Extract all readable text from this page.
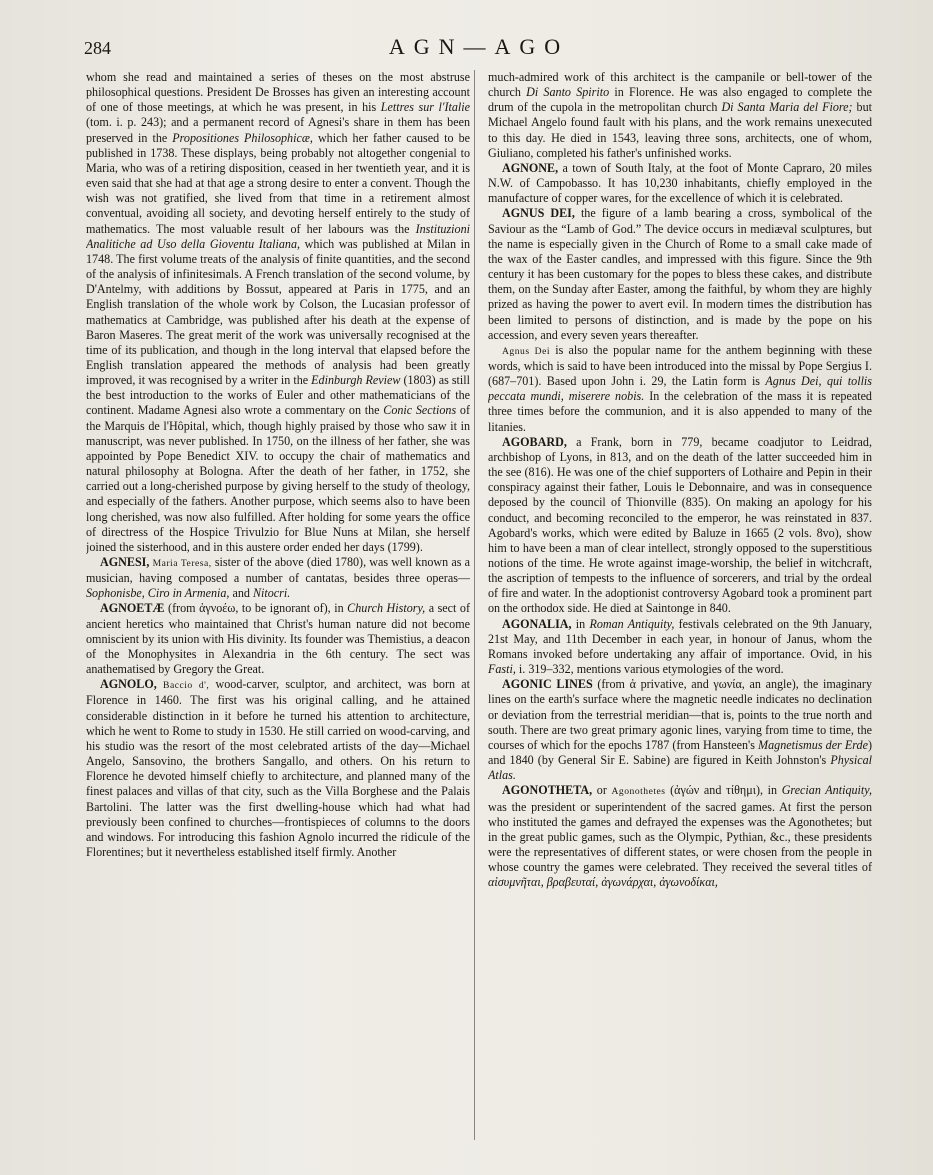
284	AGN—AGO

whom she read and maintained a series of theses on the most abstruse philosophical questions. President De Brosses has given an interesting account of one of those meetings, at which he was present, in his Lettres sur l'Italie (tom. i. p. 243); and a permanent record of Agnesi's share in them has been preserved in the Propositiones Philosophicæ, which her father caused to be published in 1738. These displays, being probably not altogether congenial to Maria, who was of a retiring disposition, ceased in her twentieth year, and it is even said that she had at that age a strong desire to enter a convent. Though the wish was not gratified, she lived from that time in a retirement almost conventual, avoiding all society, and devoting herself entirely to the study of mathematics. The most valuable result of her labours was the Instituzioni Analitiche ad Uso della Gioventu Italiana, which was published at Milan in 1748. The first volume treats of the analysis of finite quantities, and the second of the analysis of infinitesimals. A French translation of the second volume, by D'Antelmy, with additions by Bossut, appeared at Paris in 1775, and an English translation of the whole work by Colson, the Lucasian professor of mathematics at Cambridge, was published after his death at the expense of Baron Maseres. The great merit of the work was universally recognised at the time of its publication, and though in the long interval that elapsed before the English translation appeared the methods of analysis had been greatly improved, it was recognised by a writer in the Edinburgh Review (1803) as still the best introduction to the works of Euler and other mathematicians of the continent. Madame Agnesi also wrote a commentary on the Conic Sections of the Marquis de l'Hôpital, which, though highly praised by those who saw it in manuscript, was never published. In 1750, on the illness of her father, she was appointed by Pope Benedict XIV. to occupy the chair of mathematics and natural philosophy at Bologna. After the death of her father, in 1752, she carried out a long-cherished purpose by giving herself to the study of theology, and especially of the fathers. Another purpose, which seems also to have been long cherished, was now also fulfilled. After holding for some years the office of directress of the Hospice Trivulzio for Blue Nuns at Milan, she herself joined the sisterhood, and in this austere order ended her days (1799).

AGNESI, Maria Teresa, sister of the above (died 1780), was well known as a musician, having composed a number of cantatas, besides three operas—Sophonisbe, Ciro in Armenia, and Nitocri.

AGNOETÆ (from ἀγνοέω, to be ignorant of), in Church History, a sect of ancient heretics who maintained that Christ's human nature did not become omniscient by its union with His divinity. Its founder was Themistius, a deacon of the Monophysites in Alexandria in the 6th century. The sect was anathematised by Gregory the Great.

AGNOLO, Baccio d', wood-carver, sculptor, and architect, was born at Florence in 1460. The first was his original calling, and he attained considerable distinction in it before he turned his attention to architecture, which he went to Rome to study in 1530. He still carried on wood-carving, and his studio was the resort of the most celebrated artists of the day—Michael Angelo, Sansovino, the brothers Sangallo, and others. On his return to Florence he devoted himself chiefly to architecture, and planned many of the finest palaces and villas of that city, such as the Villa Borghese and the Palais Bartolini. The latter was the first dwelling-house which had what had previously been confined to churches—frontispieces of columns to the doors and windows. For introducing this fashion Agnolo incurred the ridicule of the Florentines; but it nevertheless established itself firmly. Another

much-admired work of this architect is the campanile or bell-tower of the church Di Santo Spirito in Florence. He was also engaged to complete the drum of the cupola in the metropolitan church Di Santa Maria del Fiore; but Michael Angelo found fault with his plans, and the work remains unexecuted to this day. He died in 1543, leaving three sons, architects, one of whom, Giuliano, completed his father's unfinished works.

AGNONE, a town of South Italy, at the foot of Monte Capraro, 20 miles N.W. of Campobasso. It has 10,230 inhabitants, chiefly employed in the manufacture of copper wares, for the excellence of which it is celebrated.

AGNUS DEI, the figure of a lamb bearing a cross, symbolical of the Saviour as the “Lamb of God.” The device occurs in mediæval sculptures, but the name is especially given in the Church of Rome to a small cake made of the wax of the Easter candles, and impressed with this figure. Since the 9th century it has been customary for the popes to bless these cakes, and distribute them, on the Sunday after Easter, among the faithful, by whom they are highly prized as having the power to avert evil. In modern times the distribution has been limited to persons of distinction, and is made by the pope on his accession, and every seven years thereafter.

Agnus Dei is also the popular name for the anthem beginning with these words, which is said to have been introduced into the missal by Pope Sergius I. (687–701). Based upon John i. 29, the Latin form is Agnus Dei, qui tollis peccata mundi, miserere nobis. In the celebration of the mass it is repeated three times before the communion, and it is also appended to many of the litanies.

AGOBARD, a Frank, born in 779, became coadjutor to Leidrad, archbishop of Lyons, in 813, and on the death of the latter succeeded him in the see (816). He was one of the chief supporters of Lothaire and Pepin in their conspiracy against their father, Louis le Debonnaire, and was in consequence deposed by the council of Thionville (835). On making an apology for his conduct, and becoming reconciled to the emperor, he was reinstated in 837. Agobard's works, which were edited by Baluze in 1665 (2 vols. 8vo), show him to have been a man of clear intellect, strongly opposed to the superstitious notions of the time. He wrote against image-worship, the belief in witchcraft, the ascription of tempests to the influence of sorcerers, and trial by the ordeal of fire and water. In the adoptionist controversy Agobard took a prominent part on the orthodox side. He died at Saintonge in 840.

AGONALIA, in Roman Antiquity, festivals celebrated on the 9th January, 21st May, and 11th December in each year, in honour of Janus, whom the Romans invoked before undertaking any affair of importance. Ovid, in his Fasti, i. 319–332, mentions various etymologies of the word.

AGONIC LINES (from ἀ privative, and γωνία, an angle), the imaginary lines on the earth's surface where the magnetic needle indicates no declination or deviation from the terrestrial meridian—that is, points to the true north and south. There are two great primary agonic lines, varying from time to time, the courses of which for the epochs 1787 (from Hansteen's Magnetismus der Erde) and 1840 (by General Sir E. Sabine) are figured in Keith Johnston's Physical Atlas.

AGONOTHETA, or Agonothetes (ἀγών and τίθημι), in Grecian Antiquity, was the president or superintendent of the sacred games. At first the person who instituted the games and defrayed the expenses was the Agonothetes; but in the great public games, such as the Olympic, Pythian, &c., these presidents were the representatives of different states, or were chosen from the people in whose country the games were celebrated. They received the several titles of αἰσυμνῆται, βραβευταί, ἀγωνάρχαι, ἀγωνοδίκαι,
